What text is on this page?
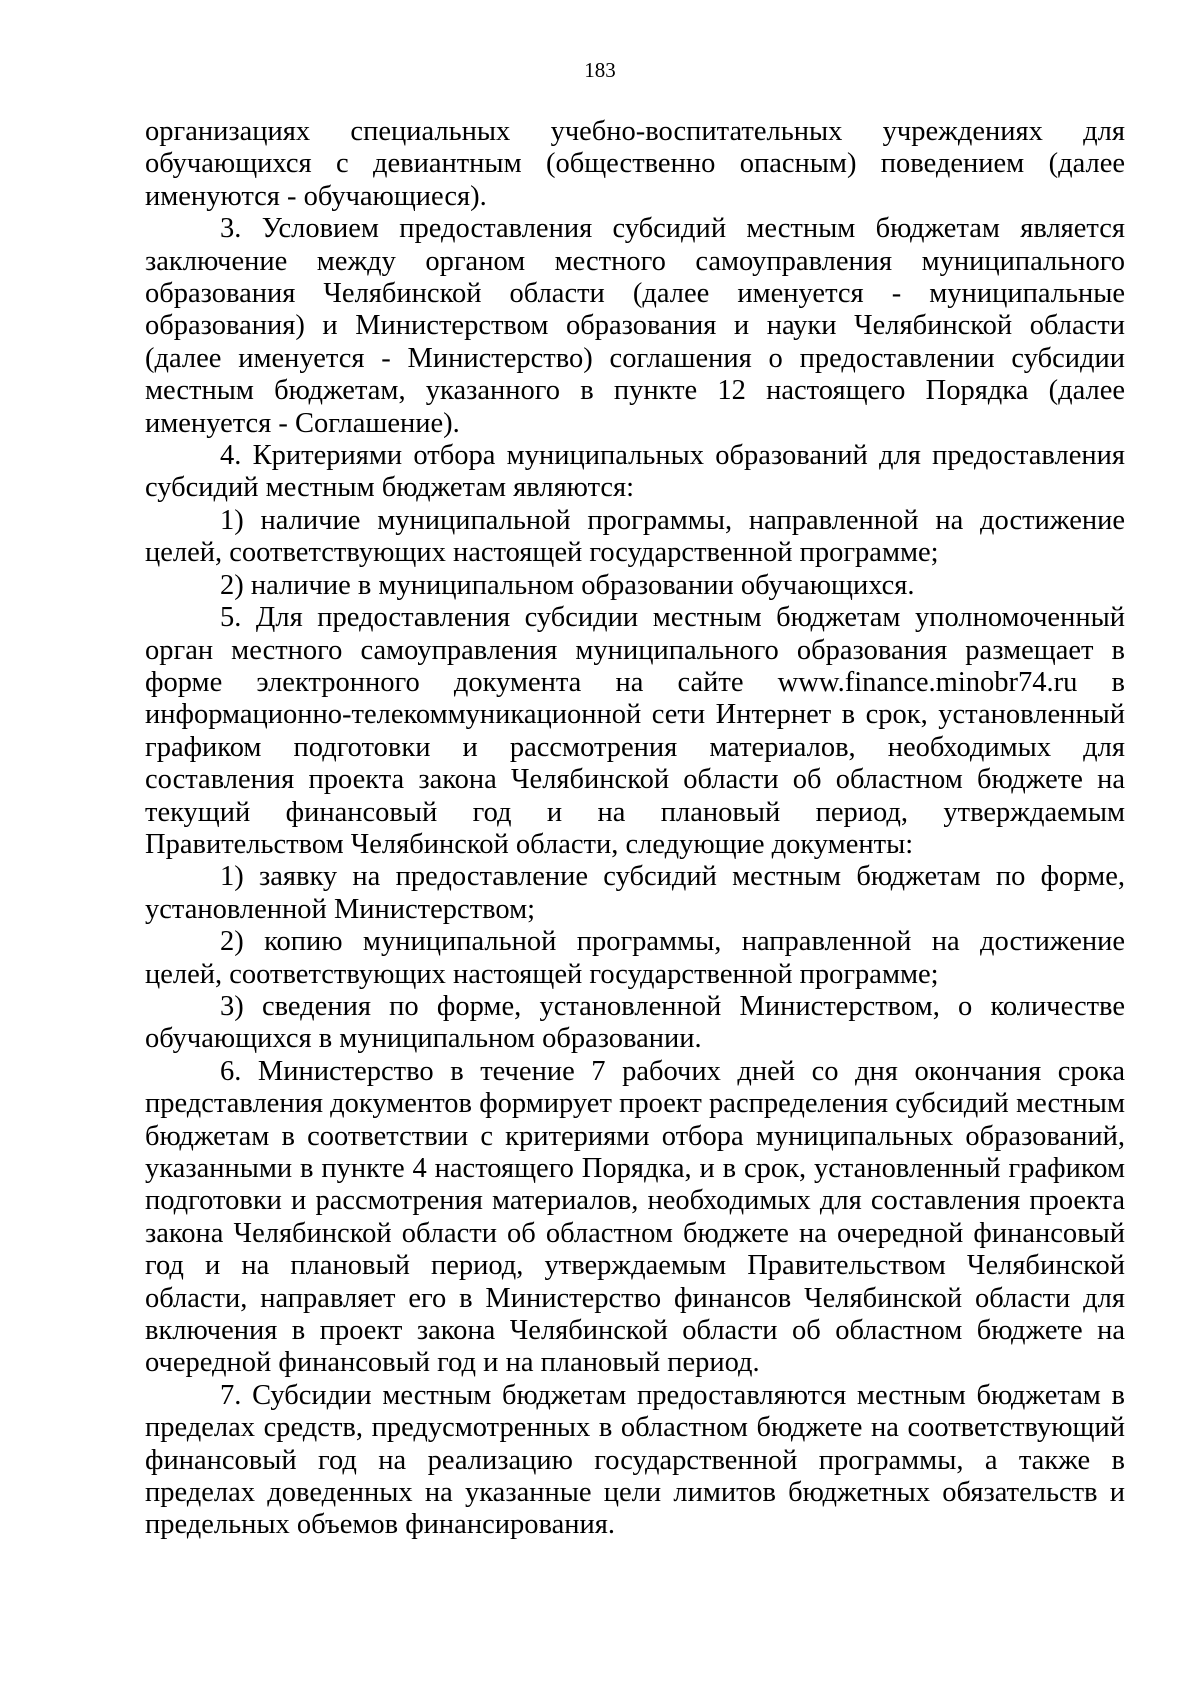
183

организациях специальных учебно-воспитательных учреждениях для обучающихся с девиантным (общественно опасным) поведением (далее именуются - обучающиеся).

3. Условием предоставления субсидий местным бюджетам является заключение между органом местного самоуправления муниципального образования Челябинской области (далее именуется - муниципальные образования) и Министерством образования и науки Челябинской области (далее именуется - Министерство) соглашения о предоставлении субсидии местным бюджетам, указанного в пункте 12 настоящего Порядка (далее именуется - Соглашение).

4. Критериями отбора муниципальных образований для предоставления субсидий местным бюджетам являются:

1) наличие муниципальной программы, направленной на достижение целей, соответствующих настоящей государственной программе;

2) наличие в муниципальном образовании обучающихся.

5. Для предоставления субсидии местным бюджетам уполномоченный орган местного самоуправления муниципального образования размещает в форме электронного документа на сайте www.finance.minobr74.ru в информационно-телекоммуникационной сети Интернет в срок, установленный графиком подготовки и рассмотрения материалов, необходимых для составления проекта закона Челябинской области об областном бюджете на текущий финансовый год и на плановый период, утверждаемым Правительством Челябинской области, следующие документы:

1) заявку на предоставление субсидий местным бюджетам по форме, установленной Министерством;

2) копию муниципальной программы, направленной на достижение целей, соответствующих настоящей государственной программе;

3) сведения по форме, установленной Министерством, о количестве обучающихся в муниципальном образовании.

6. Министерство в течение 7 рабочих дней со дня окончания срока представления документов формирует проект распределения субсидий местным бюджетам в соответствии с критериями отбора муниципальных образований, указанными в пункте 4 настоящего Порядка, и в срок, установленный графиком подготовки и рассмотрения материалов, необходимых для составления проекта закона Челябинской области об областном бюджете на очередной финансовый год и на плановый период, утверждаемым Правительством Челябинской области, направляет его в Министерство финансов Челябинской области для включения в проект закона Челябинской области об областном бюджете на очередной финансовый год и на плановый период.

7. Субсидии местным бюджетам предоставляются местным бюджетам в пределах средств, предусмотренных в областном бюджете на соответствующий финансовый год на реализацию государственной программы, а также в пределах доведенных на указанные цели лимитов бюджетных обязательств и предельных объемов финансирования.
